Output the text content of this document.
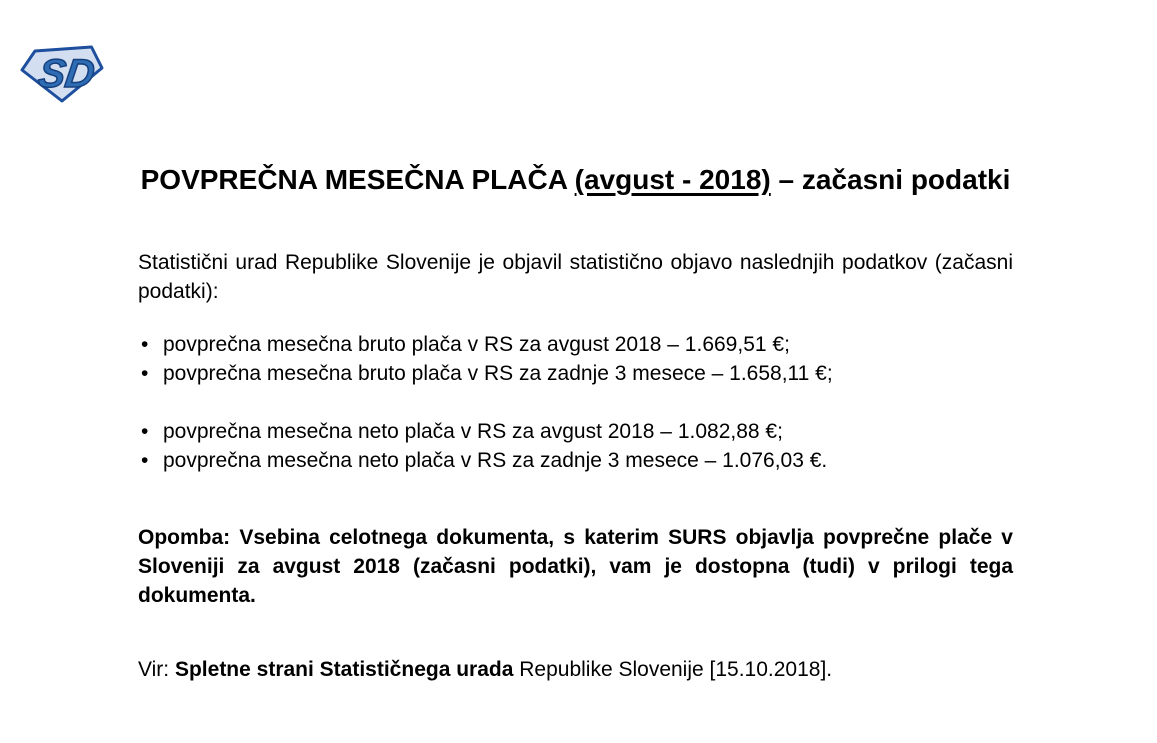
SD
POVPREČNA MESEČNA PLAČA (avgust - 2018) – začasni podatki

Statistični urad Republike Slovenije je objavil statistično objavo naslednjih podatkov (začasni podatki):

• povprečna mesečna bruto plača v RS za avgust 2018 – 1.669,51 €;
• povprečna mesečna bruto plača v RS za zadnje 3 mesece – 1.658,11 €;
• povprečna mesečna neto plača v RS za avgust 2018 – 1.082,88 €;
• povprečna mesečna neto plača v RS za zadnje 3 mesece – 1.076,03 €.

Opomba: Vsebina celotnega dokumenta, s katerim SURS objavlja povprečne plače v Sloveniji za avgust 2018 (začasni podatki), vam je dostopna (tudi) v prilogi tega dokumenta.

Vir: Spletne strani Statističnega urada Republike Slovenije [15.10.2018].
